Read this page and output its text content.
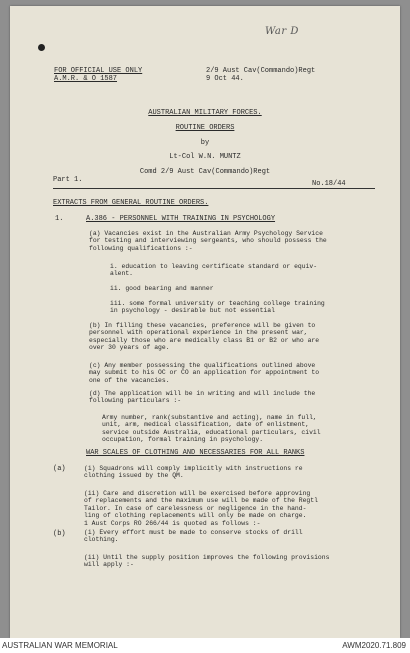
War D
FOR OFFICIAL USE ONLY
A.M.R. & O 1587
2/9 Aust Cav(Commando)Regt
9 Oct 44.
AUSTRALIAN MILITARY FORCES.
ROUTINE ORDERS
by
Lt-Col W.N. MUNTZ
Comd 2/9 Aust Cav(Commando)Regt
Part 1.	No.18/44
EXTRACTS FROM GENERAL ROUTINE ORDERS.
1.	A.386 - PERSONNEL WITH TRAINING IN PSYCHOLOGY
(a) Vacancies exist in the Australian Army Psychology Service
for testing and interviewing sergeants, who should possess the
following qualifications :-
i. education to leaving certificate standard or equiv-
alent.
ii. good bearing and manner
iii. some formal university or teaching college training
in psychology - desirable but not essential
(b) In filling these vacancies, preference will be given to
personnel with operational experience in the present war,
especially those who are medically class B1 or B2 or who are
over 30 years of age.
(c) Any member possessing the qualifications outlined above
may submit to his OC or CO an application for appointment to
one of the vacancies.
(d) The application will be in writing and will include the
following particulars :-
Army number, rank(substantive and acting), name in full,
unit, arm, medical classification, date of enlistment,
service outside Australia, educational particulars, civil
occupation, formal training in psychology.
WAR SCALES OF CLOTHING AND NECESSARIES FOR ALL RANKS
(a)	(i) Squadrons will comply implicitly with instructions re
clothing issued by the QM.
(ii) Care and discretion will be exercised before approving
of replacements and the maximum use will be made of the Regtl
Tailor. In case of carelessness or negligence in the hand-
ling of clothing replacements will only be made on charge.
1 Aust Corps RO 266/44 is quoted as follows :-
(b)	(i) Every effort must be made to conserve stocks of drill
clothing.
(ii) Until the supply position improves the following provisions
will apply :-
AUSTRALIAN WAR MEMORIAL	AWM2020.71.809
